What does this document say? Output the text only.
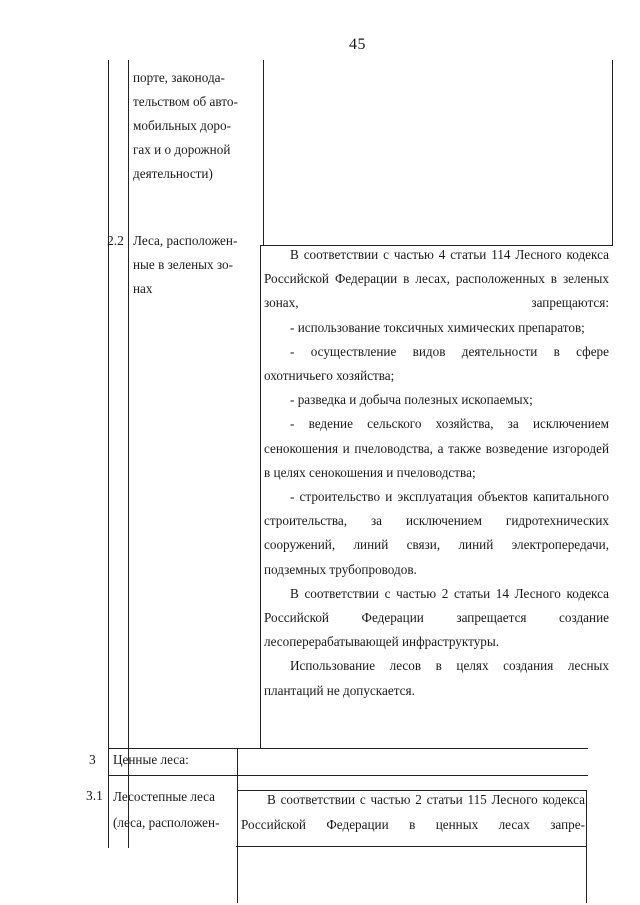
45
порте, законода-
тельством об авто-
мобильных доро-
гах и о дорожной
деятельности)
2.2 Леса, расположен-
ные в зеленых зо-
нах

В соответствии с частью 4 статьи 114 Лесного кодекса Российской Федерации в лесах, расположенных в зеленых зонах, запрещаются:

- использование токсичных химических препаратов;

- осуществление видов деятельности в сфере охотничьего хозяйства;

- разведка и добыча полезных ископаемых;

- ведение сельского хозяйства, за исключением сенокошения и пчеловодства, а также возведение изгородей в целях сенокошения и пчеловодства;

- строительство и эксплуатация объектов капитального строительства, за исключением гидротехнических сооружений, линий связи, линий электропередачи, подземных трубопроводов.

В соответствии с частью 2 статьи 14 Лесного кодекса Российской Федерации запрещается создание лесоперерабатывающей инфраструктуры.

Использование лесов в целях создания лесных плантаций не допускается.

3 Ценные леса:
3.1 Лесостепные леса
(леса, расположен-

В соответствии с частью 2 статьи 115 Лесного кодекса Российской Федерации в ценных лесах запре-
